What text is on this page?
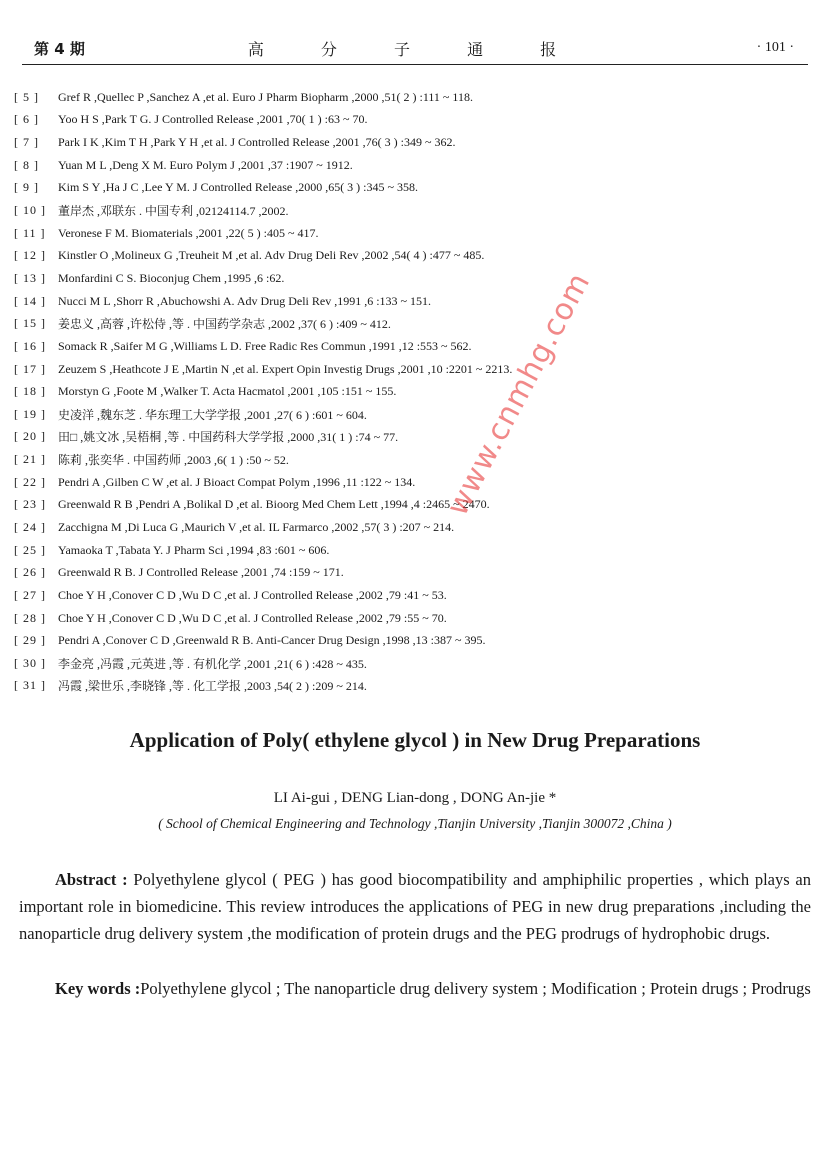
第 4 期	高 分 子 通 报	· 101 ·
[ 5 ]	Gref R ,Quellec P ,Sanchez A ,et al. Euro J Pharm Biopharm ,2000 ,51( 2 ) :111 ~ 118.
[ 6 ]	Yoo H S ,Park T G. J Controlled Release ,2001 ,70( 1 ) :63 ~ 70.
[ 7 ]	Park I K ,Kim T H ,Park Y H ,et al. J Controlled Release ,2001 ,76( 3 ) :349 ~ 362.
[ 8 ]	Yuan M L ,Deng X M. Euro Polym J ,2001 ,37 :1907 ~ 1912.
[ 9 ]	Kim S Y ,Ha J C ,Lee Y M. J Controlled Release ,2000 ,65( 3 ) :345 ~ 358.
[ 10 ]	董岸杰 ,邓联东 . 中国专利 ,02124114.7 ,2002.
[ 11 ]	Veronese F M. Biomaterials ,2001 ,22( 5 ) :405 ~ 417.
[ 12 ]	Kinstler O ,Molineux G ,Treuheit M ,et al. Adv Drug Deli Rev ,2002 ,54( 4 ) :477 ~ 485.
[ 13 ]	Monfardini C S. Bioconjug Chem ,1995 ,6 :62.
[ 14 ]	Nucci M L ,Shorr R ,Abuchowshi A. Adv Drug Deli Rev ,1991 ,6 :133 ~ 151.
[ 15 ]	姜忠义 ,高蓉 ,许松侍 ,等 . 中国药学杂志 ,2002 ,37( 6 ) :409 ~ 412.
[ 16 ]	Somack R ,Saifer M G ,Williams L D. Free Radic Res Commun ,1991 ,12 :553 ~ 562.
[ 17 ]	Zeuzem S ,Heathcote J E ,Martin N ,et al. Expert Opin Investig Drugs ,2001 ,10 :2201 ~ 2213.
[ 18 ]	Morstyn G ,Foote M ,Walker T. Acta Hacmatol ,2001 ,105 :151 ~ 155.
[ 19 ]	史凌洋 ,魏东芝 . 华东理工大学学报 ,2001 ,27( 6 ) :601 ~ 604.
[ 20 ]	田□ ,姚文冰 ,吴梧桐 ,等 . 中国药科大学学报 ,2000 ,31( 1 ) :74 ~ 77.
[ 21 ]	陈莉 ,张奕华 . 中国药师 ,2003 ,6( 1 ) :50 ~ 52.
[ 22 ]	Pendri A ,Gilben C W ,et al. J Bioact Compat Polym ,1996 ,11 :122 ~ 134.
[ 23 ]	Greenwald R B ,Pendri A ,Bolikal D ,et al. Bioorg Med Chem Lett ,1994 ,4 :2465 ~ 2470.
[ 24 ]	Zacchigna M ,Di Luca G ,Maurich V ,et al. IL Farmarco ,2002 ,57( 3 ) :207 ~ 214.
[ 25 ]	Yamaoka T ,Tabata Y. J Pharm Sci ,1994 ,83 :601 ~ 606.
[ 26 ]	Greenwald R B. J Controlled Release ,2001 ,74 :159 ~ 171.
[ 27 ]	Choe Y H ,Conover C D ,Wu D C ,et al. J Controlled Release ,2002 ,79 :41 ~ 53.
[ 28 ]	Choe Y H ,Conover C D ,Wu D C ,et al. J Controlled Release ,2002 ,79 :55 ~ 70.
[ 29 ]	Pendri A ,Conover C D ,Greenwald R B. Anti-Cancer Drug Design ,1998 ,13 :387 ~ 395.
[ 30 ]	李金亮 ,冯霞 ,元英进 ,等 . 有机化学 ,2001 ,21( 6 ) :428 ~ 435.
[ 31 ]	冯霞 ,梁世乐 ,李晓锋 ,等 . 化工学报 ,2003 ,54( 2 ) :209 ~ 214.
www.cnmhg.com
Application of Poly( ethylene glycol ) in New Drug Preparations
LI Ai-gui , DENG Lian-dong , DONG An-jie *
( School of Chemical Engineering and Technology ,Tianjin University ,Tianjin 300072 ,China )
Abstract : Polyethylene glycol ( PEG ) has good biocompatibility and amphiphilic properties , which plays an important role in biomedicine. This review introduces the applications of PEG in new drug preparations ,including the nanoparticle drug delivery system ,the modification of protein drugs and the PEG prodrugs of hydrophobic drugs.
Key words :Polyethylene glycol ; The nanoparticle drug delivery system ; Modification ; Protein drugs ; Prodrugs
